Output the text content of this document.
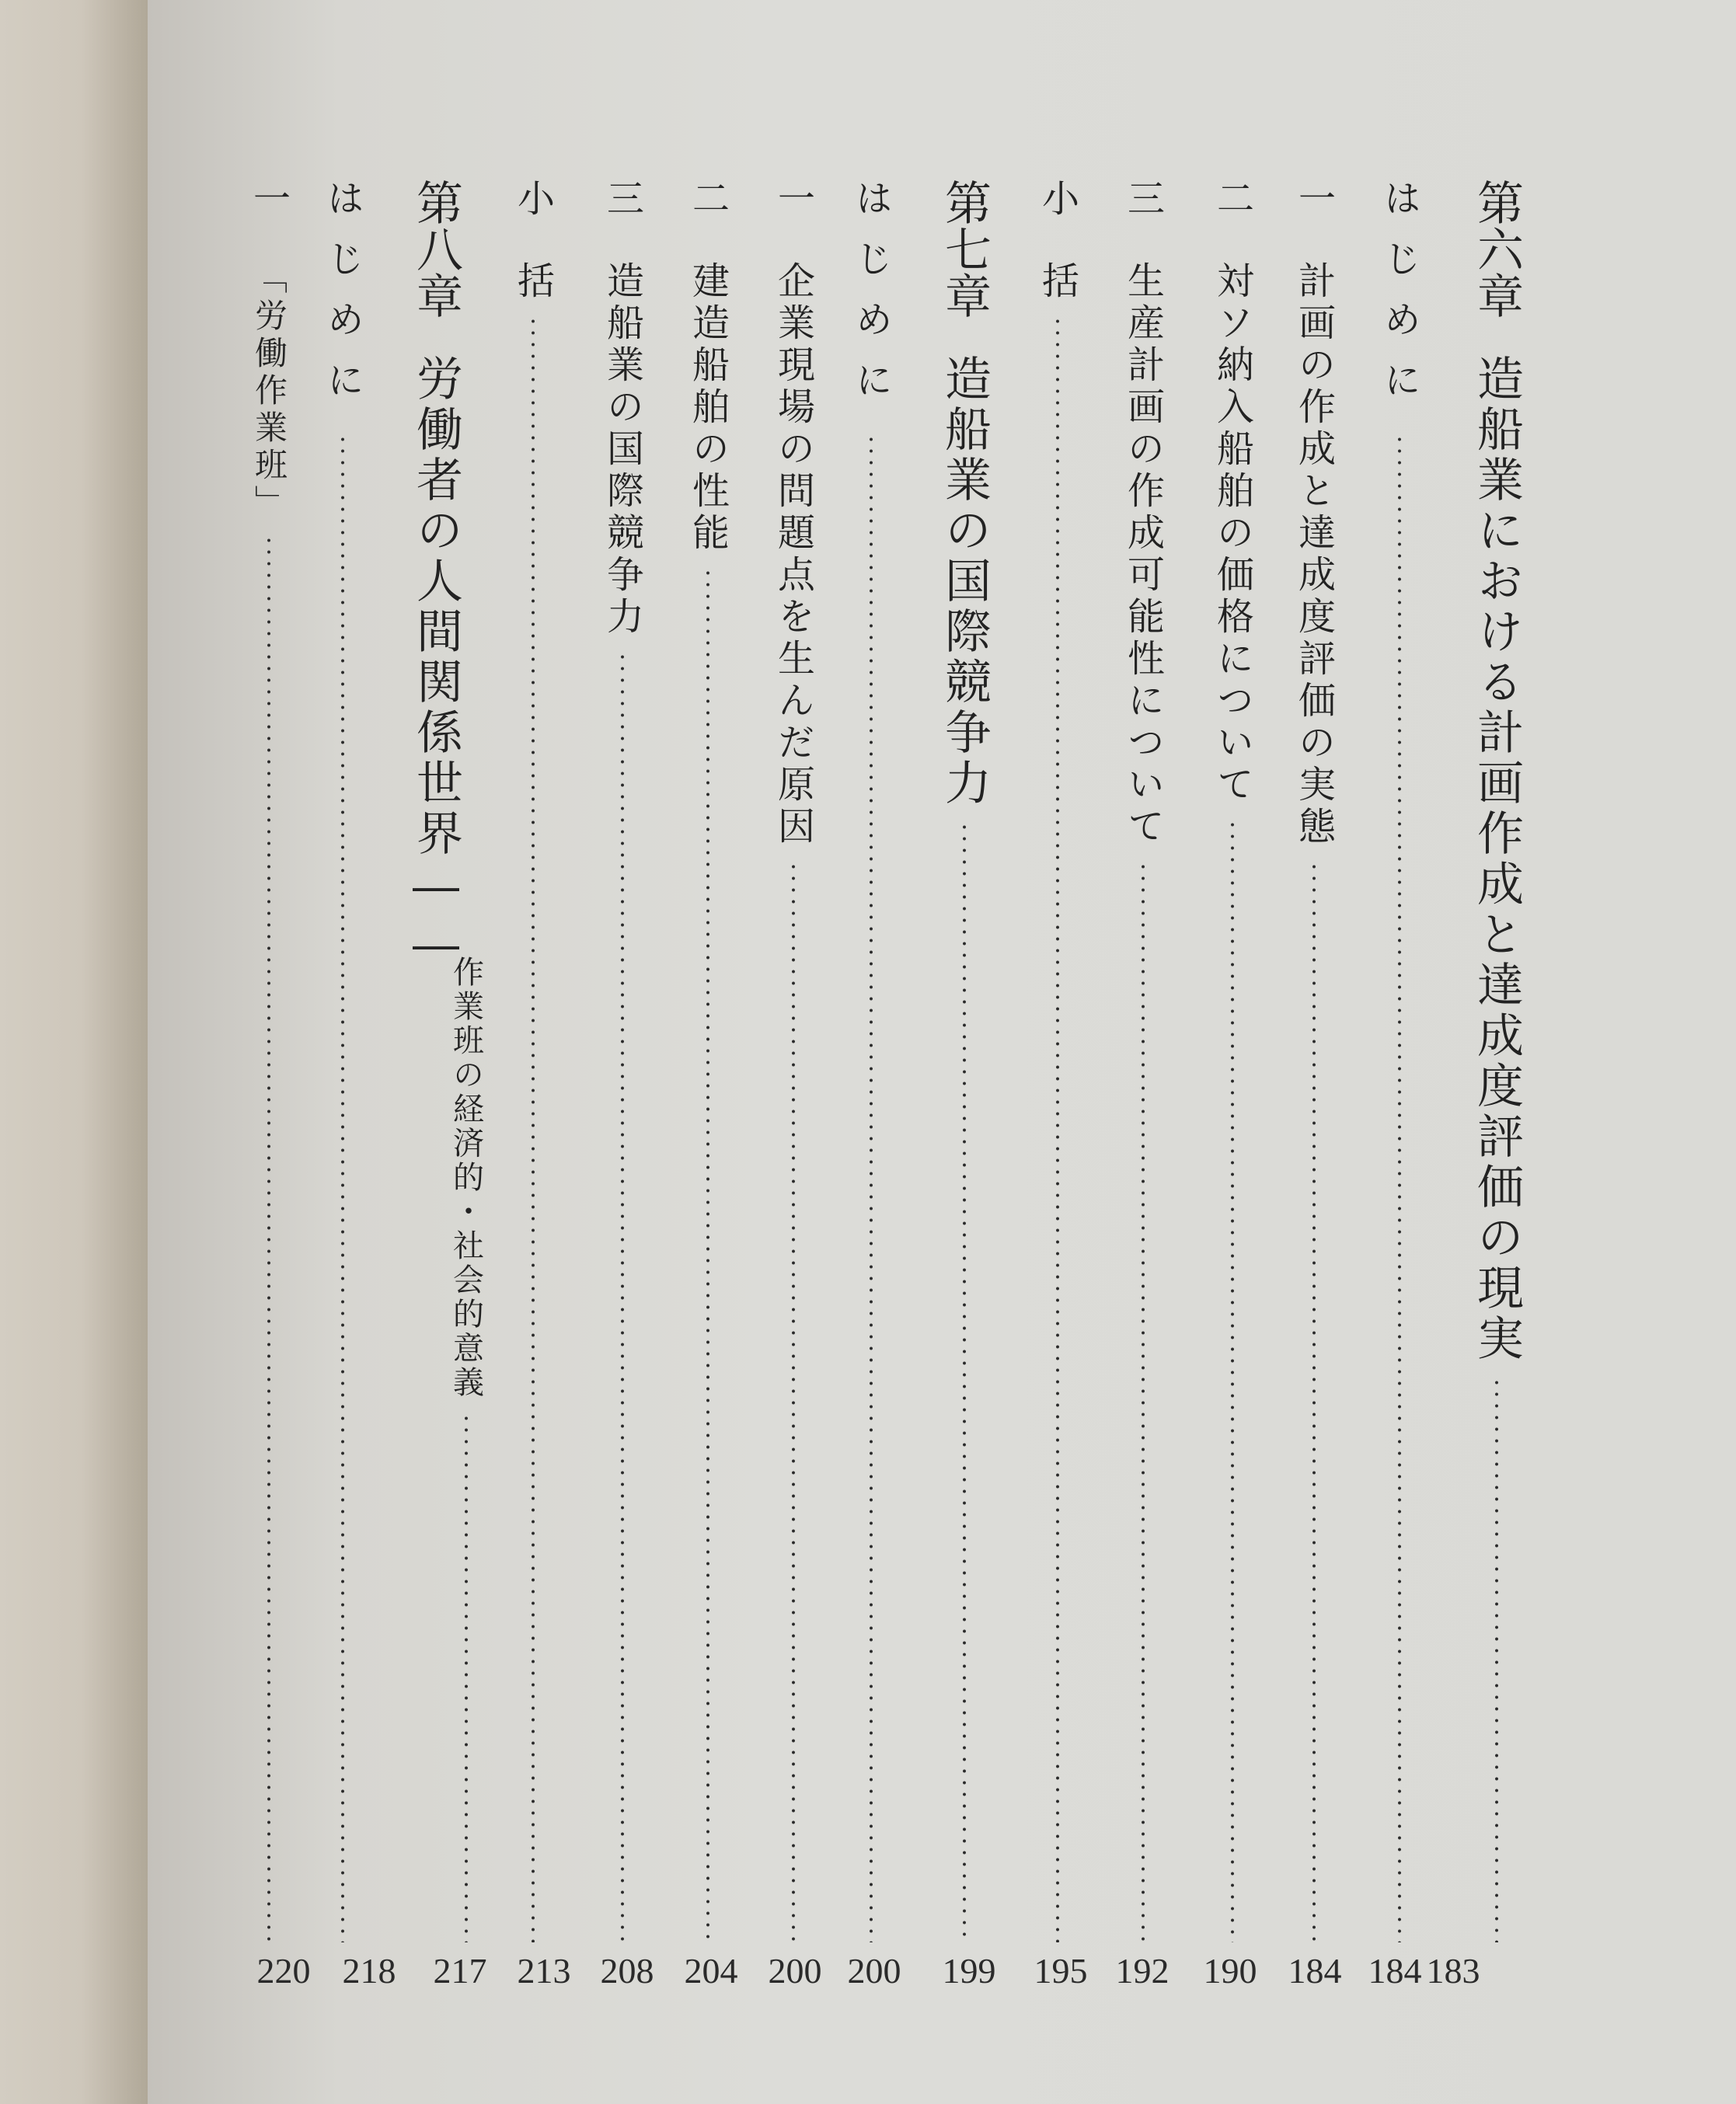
第六章
造船業における計画作成と達成度評価の現実
183
はじめに
184
一
計画の作成と達成度評価の実態
184
二
対ソ納入船舶の価格について
190
三
生産計画の作成可能性について
192
小
括
195
第七章
造船業の国際競争力
199
はじめに
200
一
企業現場の問題点を生んだ原因
200
二
建造船舶の性能
204
三
造船業の国際競争力
208
小
括
213
第八章
労働者の人間関係世界――
作業班の経済的・社会的意義
217
はじめに
218
一
「労働作業班」
220
